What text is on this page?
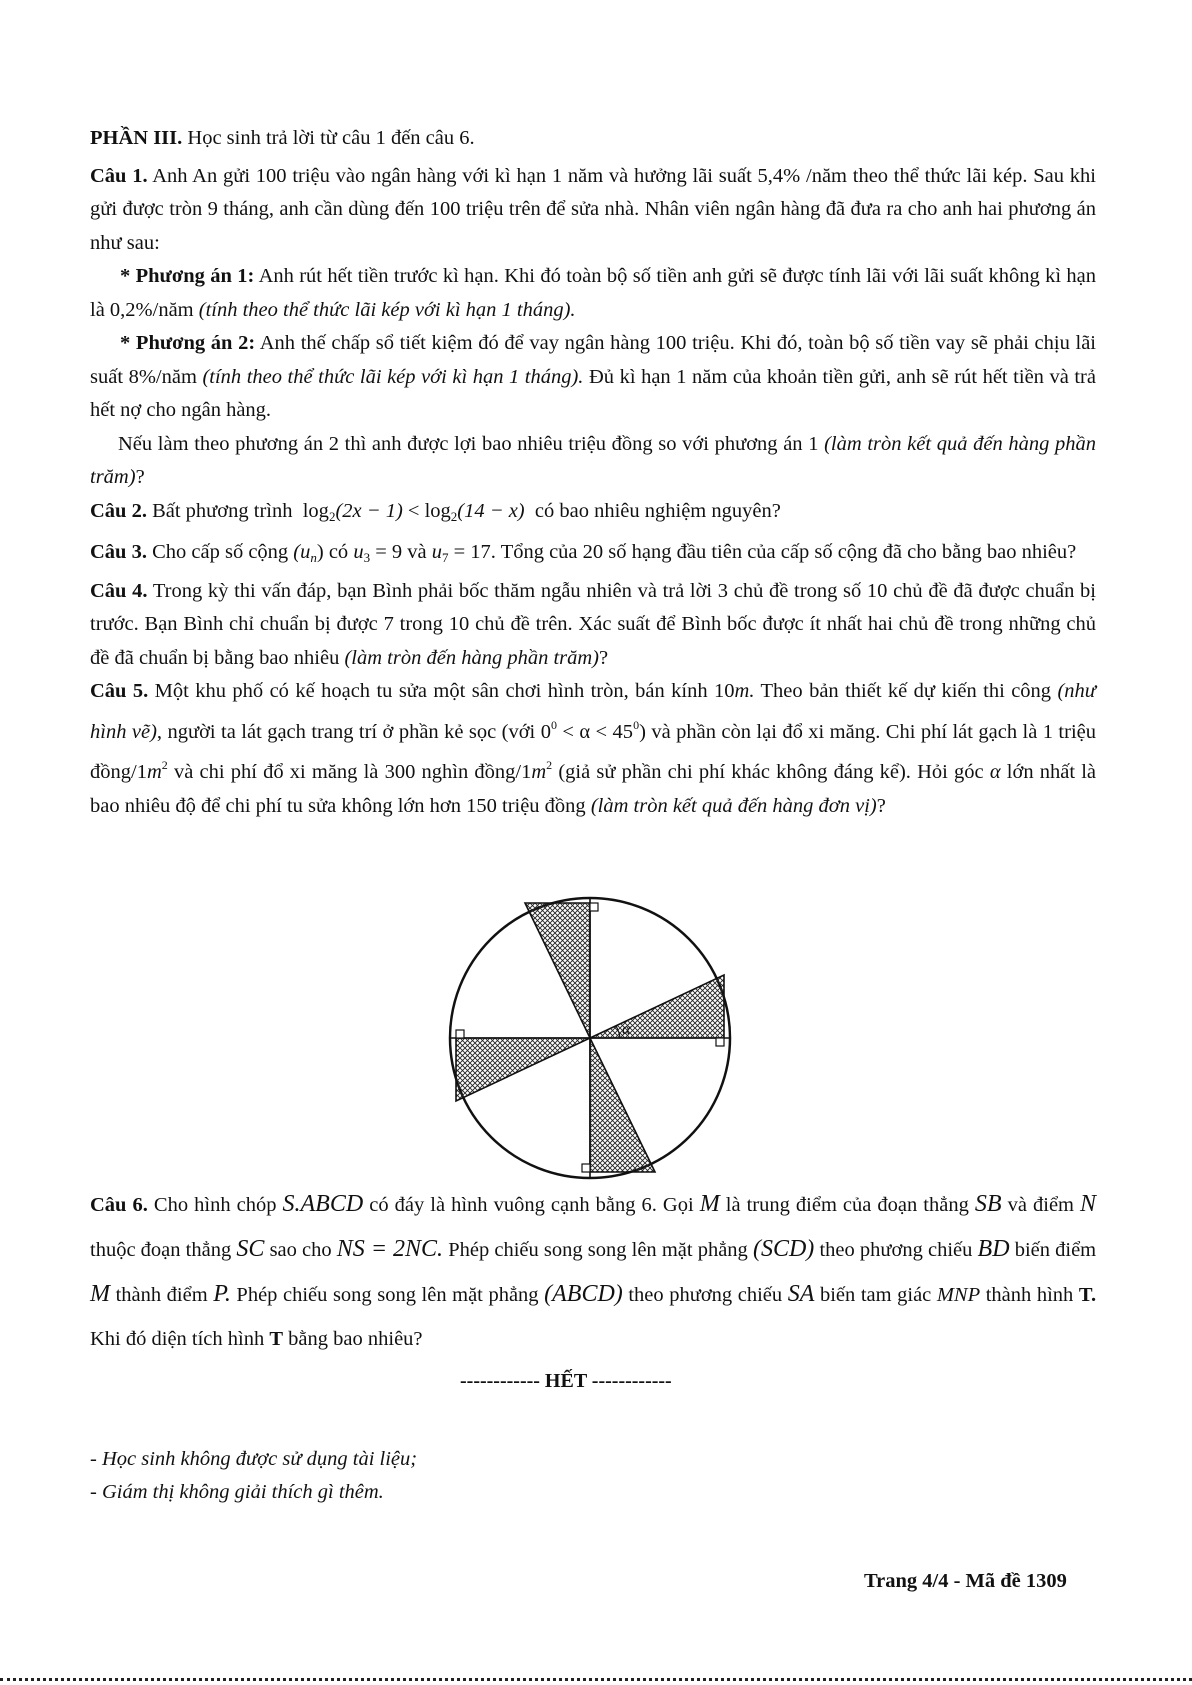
PHẦN III. Học sinh trả lời từ câu 1 đến câu 6.

Câu 1. Anh An gửi 100 triệu vào ngân hàng với kì hạn 1 năm và hưởng lãi suất 5,4% /năm theo thể thức lãi kép. Sau khi gửi được tròn 9 tháng, anh cần dùng đến 100 triệu trên để sửa nhà. Nhân viên ngân hàng đã đưa ra cho anh hai phương án như sau:

* Phương án 1: Anh rút hết tiền trước kì hạn. Khi đó toàn bộ số tiền anh gửi sẽ được tính lãi với lãi suất không kì hạn là 0,2%/năm (tính theo thể thức lãi kép với kì hạn 1 tháng).

* Phương án 2: Anh thế chấp sổ tiết kiệm đó để vay ngân hàng 100 triệu. Khi đó, toàn bộ số tiền vay sẽ phải chịu lãi suất 8%/năm (tính theo thể thức lãi kép với kì hạn 1 tháng). Đủ kì hạn 1 năm của khoản tiền gửi, anh sẽ rút hết tiền và trả hết nợ cho ngân hàng.

Nếu làm theo phương án 2 thì anh được lợi bao nhiêu triệu đồng so với phương án 1 (làm tròn kết quả đến hàng phần trăm)?

Câu 2. Bất phương trình $\log_2(2x - 1) < \log_2(14 - x)$ có bao nhiêu nghiệm nguyên?

Câu 3. Cho cấp số cộng $(u_n)$ có $u_3 = 9$ và $u_7 = 17$. Tổng của 20 số hạng đầu tiên của cấp số cộng đã cho bằng bao nhiêu?

Câu 4. Trong kỳ thi vấn đáp, bạn Bình phải bốc thăm ngẫu nhiên và trả lời 3 chủ đề trong số 10 chủ đề đã được chuẩn bị trước. Bạn Bình chỉ chuẩn bị được 7 trong 10 chủ đề trên. Xác suất để Bình bốc được ít nhất hai chủ đề trong những chủ đề đã chuẩn bị bằng bao nhiêu (làm tròn đến hàng phần trăm)?

Câu 5. Một khu phố có kế hoạch tu sửa một sân chơi hình tròn, bán kính 10m. Theo bản thiết kế dự kiến thi công (như hình vẽ), người ta lát gạch trang trí ở phần kẻ sọc (với $0^0 < \alpha < 45^0$) và phần còn lại đổ xi măng. Chi phí lát gạch là 1 triệu đồng/$1m^2$ và chi phí đổ xi măng là 300 nghìn đồng/$1m^2$ (giả sử phần chi phí khác không đáng kể). Hỏi góc α lớn nhất là bao nhiêu độ để chi phí tu sửa không lớn hơn 150 triệu đồng (làm tròn kết quả đến hàng đơn vị)?

α
Câu 6. Cho hình chóp S.ABCD có đáy là hình vuông cạnh bằng 6. Gọi M là trung điểm của đoạn thẳng SB và điểm N thuộc đoạn thẳng SC sao cho NS = 2NC. Phép chiếu song song lên mặt phẳng (SCD) theo phương chiếu BD biến điểm M thành điểm P. Phép chiếu song song lên mặt phẳng (ABCD) theo phương chiếu SA biến tam giác MNP thành hình T. Khi đó diện tích hình T bằng bao nhiêu?
------------ HẾT ------------
- Học sinh không được sử dụng tài liệu;
- Giám thị không giải thích gì thêm.
Trang 4/4 - Mã đề 1309
